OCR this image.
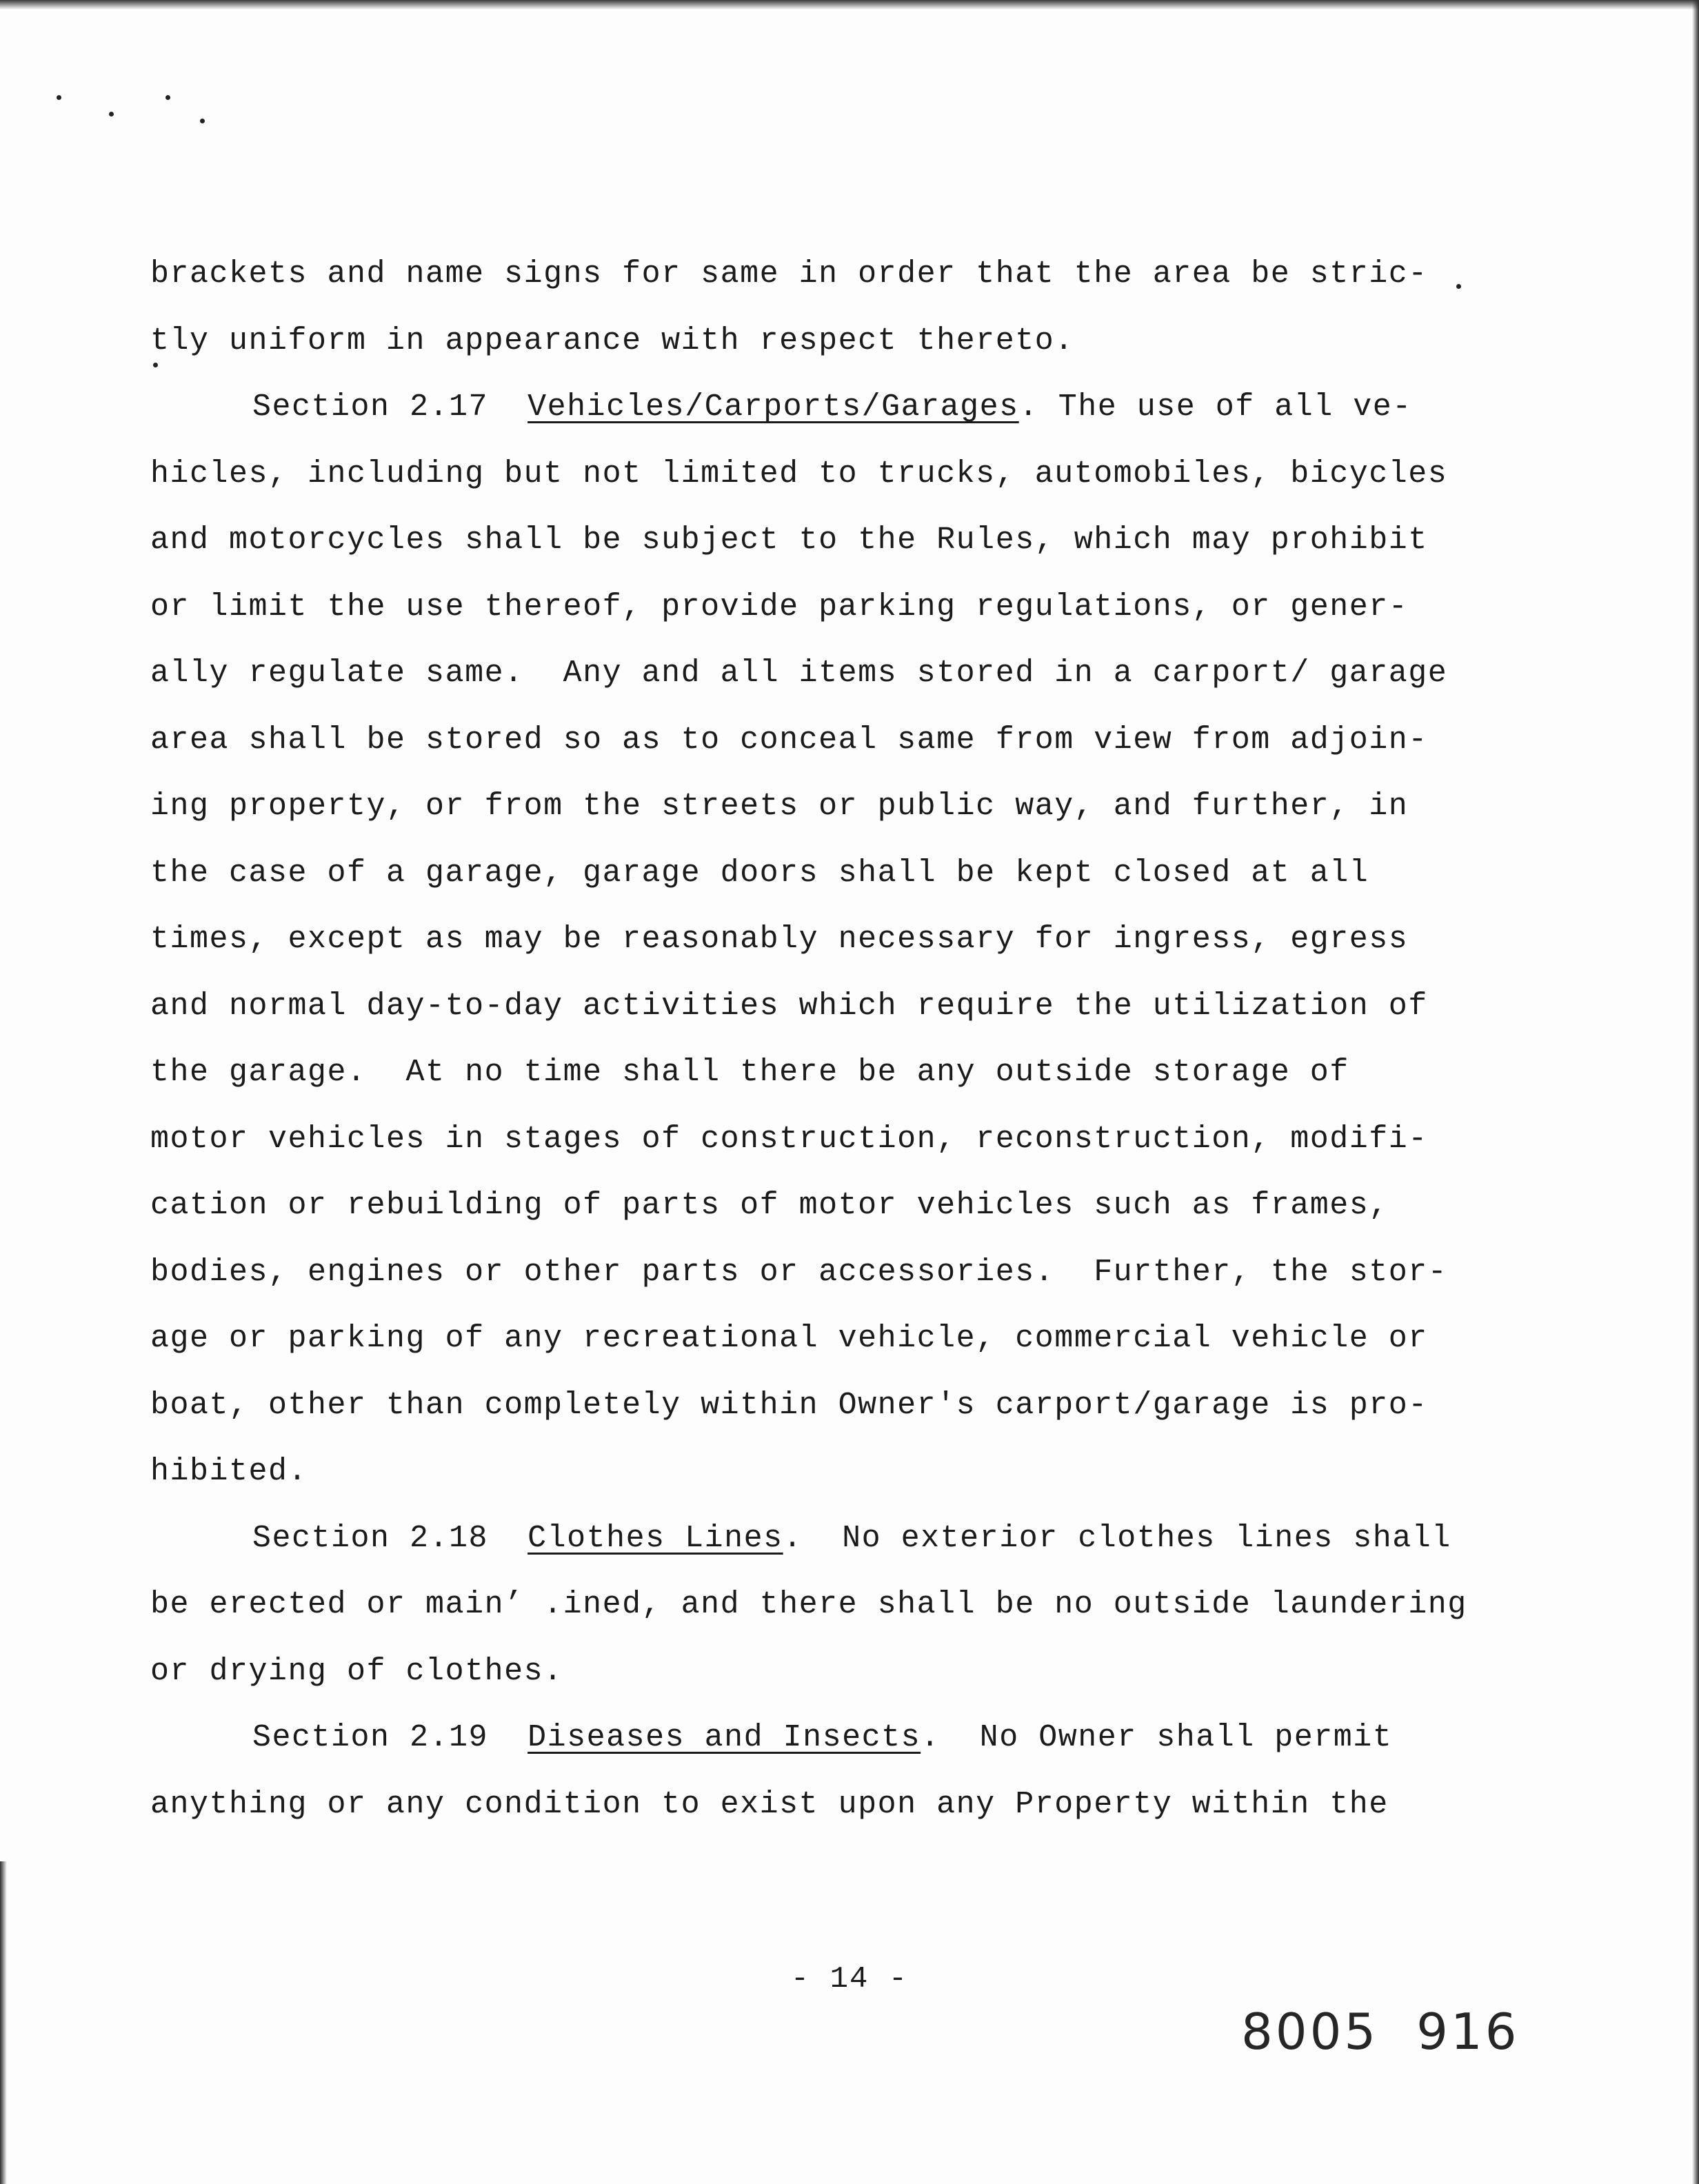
brackets and name signs for same in order that the area be stric-
tly uniform in appearance with respect thereto.
Section 2.17 Vehicles/Carports/Garages. The use of all ve-
hicles, including but not limited to trucks, automobiles, bicycles
and motorcycles shall be subject to the Rules, which may prohibit
or limit the use thereof, provide parking regulations, or gener-
ally regulate same.  Any and all items stored in a carport/ garage
area shall be stored so as to conceal same from view from adjoin-
ing property, or from the streets or public way, and further, in
the case of a garage, garage doors shall be kept closed at all
times, except as may be reasonably necessary for ingress, egress
and normal day-to-day activities which require the utilization of
the garage.  At no time shall there be any outside storage of
motor vehicles in stages of construction, reconstruction, modifi-
cation or rebuilding of parts of motor vehicles such as frames,
bodies, engines or other parts or accessories.  Further, the stor-
age or parking of any recreational vehicle, commercial vehicle or
boat, other than completely within Owner's carport/garage is pro-
hibited.
Section 2.18 Clothes Lines.  No exterior clothes lines shall
be erected or main’ .ined, and there shall be no outside laundering
or drying of clothes.
Section 2.19 Diseases and Insects.  No Owner shall permit
anything or any condition to exist upon any Property within the
- 14 -
8005 916
